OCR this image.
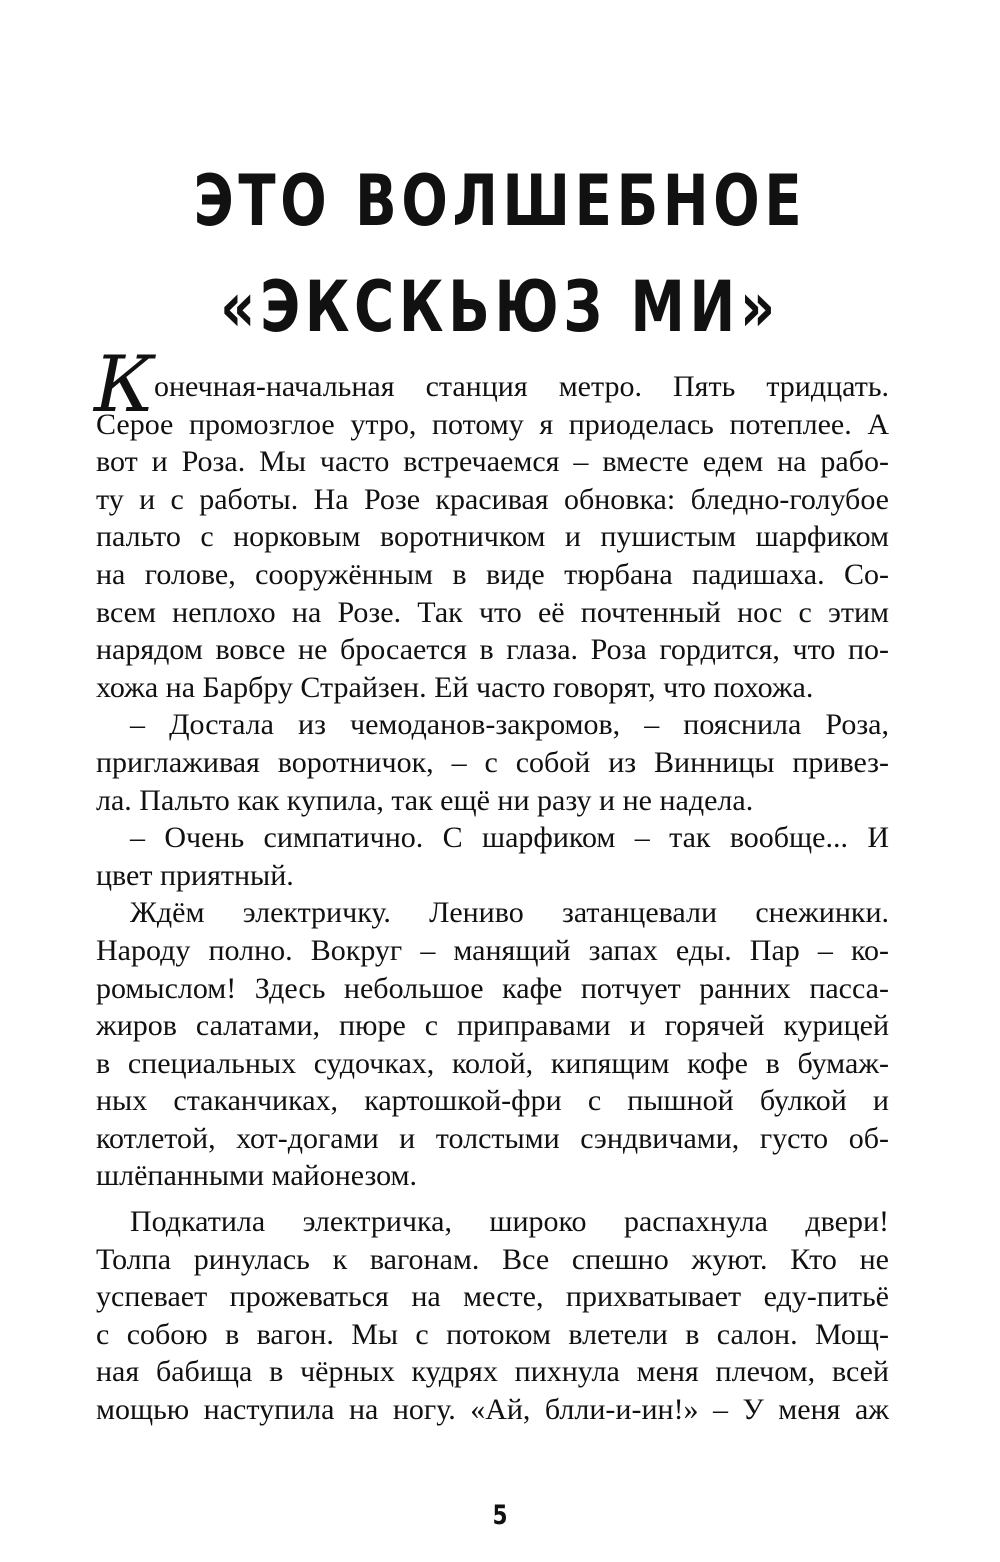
ЭТО ВОЛШЕБНОЕ
«ЭКСКЬЮЗ МИ»
К онечная-начальная станция метро. Пять тридцать.
Серое промозглое утро, потому я приоделась потеплее. А
вот и Роза. Мы часто встречаемся – вместе едем на рабо-
ту и с работы. На Розе красивая обновка: бледно-голубое
пальто с норковым воротничком и пушистым шарфиком
на голове, сооружённым в виде тюрбана падишаха. Со-
всем неплохо на Розе. Так что её почтенный нос с этим
нарядом вовсе не бросается в глаза. Роза гордится, что по-
хожа на Барбру Страйзен. Ей часто говорят, что похожа.
– Достала из чемоданов-закромов, – пояснила Роза,
приглаживая воротничок, – с собой из Винницы привез-
ла. Пальто как купила, так ещё ни разу и не надела.
– Очень симпатично. С шарфиком – так вообще... И
цвет приятный.
Ждём электричку. Лениво затанцевали снежинки.
Народу полно. Вокруг – манящий запах еды. Пар – ко-
ромыслом! Здесь небольшое кафе потчует ранних пасса-
жиров салатами, пюре с приправами и горячей курицей
в специальных судочках, колой, кипящим кофе в бумаж-
ных стаканчиках, картошкой-фри с пышной булкой и
котлетой, хот-догами и толстыми сэндвичами, густо об-
шлёпанными майонезом.
Подкатила электричка, широко распахнула двери!
Толпа ринулась к вагонам. Все спешно жуют. Кто не
успевает прожеваться на месте, прихватывает еду-питьё
с собою в вагон. Мы с потоком влетели в салон. Мощ-
ная бабища в чёрных кудрях пихнула меня плечом, всей
мощью наступила на ногу. «Ай, блли-и-ин!» – У меня аж
5
